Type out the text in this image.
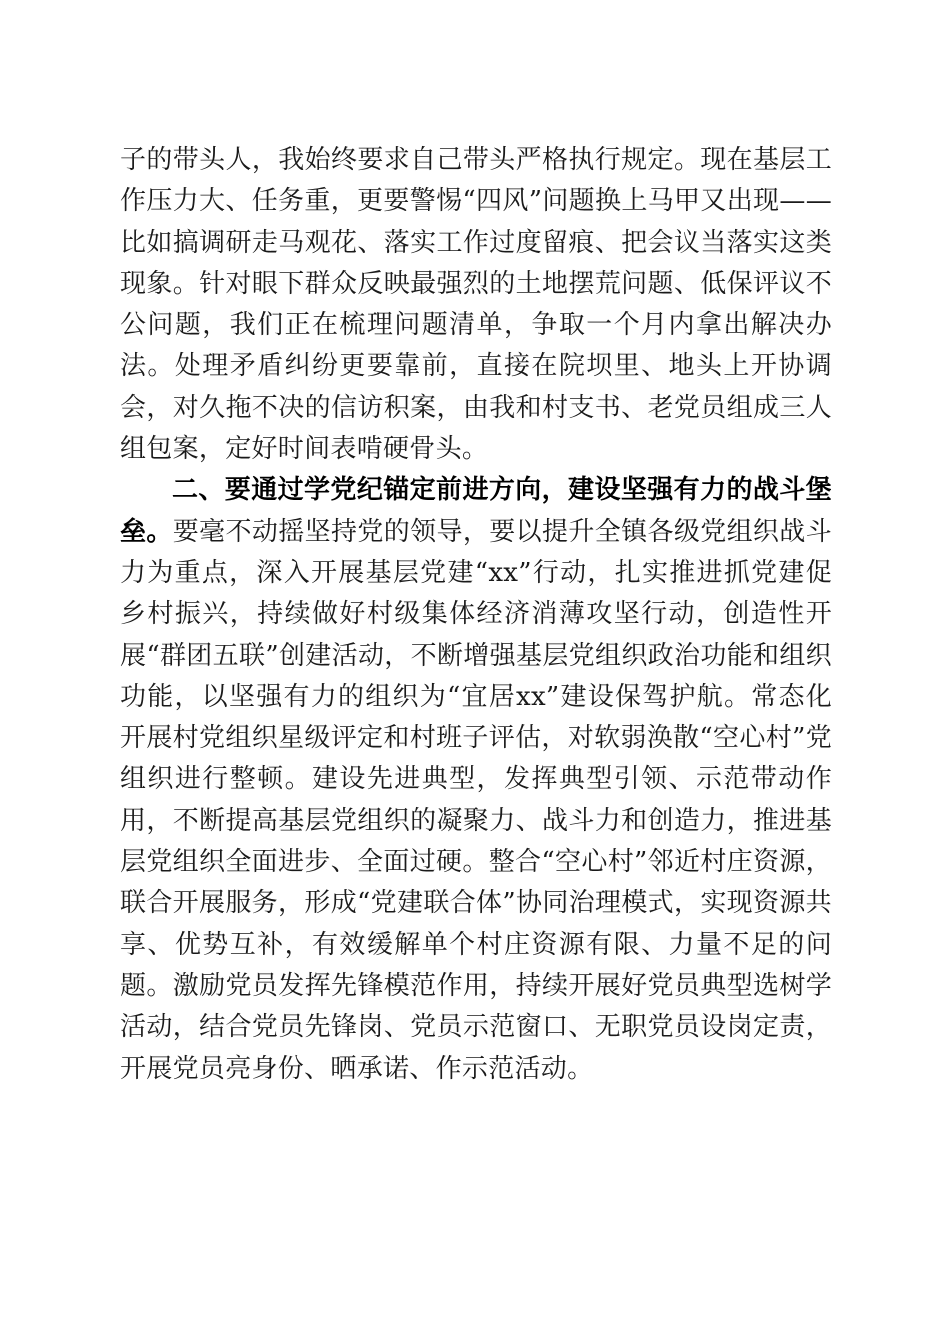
子的带头人，我始终要求自己带头严格执行规定。现在基层工作压力大、任务重，更要警惕“四风”问题换上马甲又出现——比如搞调研走马观花、落实工作过度留痕、把会议当落实这类现象。针对眼下群众反映最强烈的土地摆荒问题、低保评议不公问题，我们正在梳理问题清单，争取一个月内拿出解决办法。处理矛盾纠纷更要靠前，直接在院坝里、地头上开协调会，对久拖不决的信访积案，由我和村支书、老党员组成三人组包案，定好时间表啃硬骨头。

二、要通过学党纪锚定前进方向，建设坚强有力的战斗堡垒。要毫不动摇坚持党的领导，要以提升全镇各级党组织战斗力为重点，深入开展基层党建“xx”行动，扎实推进抓党建促乡村振兴，持续做好村级集体经济消薄攻坚行动，创造性开展“群团五联”创建活动，不断增强基层党组织政治功能和组织功能，以坚强有力的组织为“宜居xx”建设保驾护航。常态化开展村党组织星级评定和村班子评估，对软弱涣散“空心村”党组织进行整顿。建设先进典型，发挥典型引领、示范带动作用，不断提高基层党组织的凝聚力、战斗力和创造力，推进基层党组织全面进步、全面过硬。整合“空心村”邻近村庄资源，联合开展服务，形成“党建联合体”协同治理模式，实现资源共享、优势互补，有效缓解单个村庄资源有限、力量不足的问题。激励党员发挥先锋模范作用，持续开展好党员典型选树学活动，结合党员先锋岗、党员示范窗口、无职党员设岗定责，开展党员亮身份、晒承诺、作示范活动。
